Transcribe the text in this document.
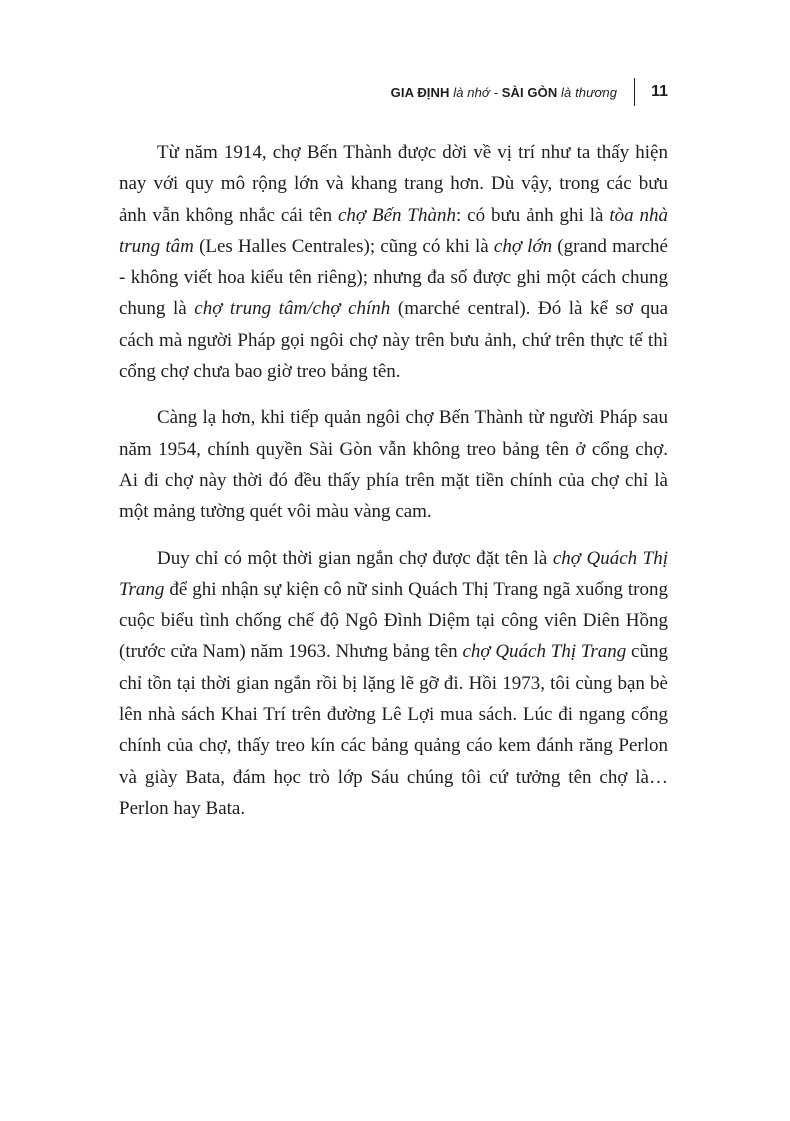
GIA ĐỊNH là nhớ - SÀI GÒN là thương 11

Từ năm 1914, chợ Bến Thành được dời về vị trí như ta thấy hiện nay với quy mô rộng lớn và khang trang hơn. Dù vậy, trong các bưu ảnh vẫn không nhắc cái tên chợ Bến Thành: có bưu ảnh ghi là tòa nhà trung tâm (Les Halles Centrales); cũng có khi là chợ lớn (grand marché - không viết hoa kiểu tên riêng); nhưng đa số được ghi một cách chung chung là chợ trung tâm/chợ chính (marché central). Đó là kể sơ qua cách mà người Pháp gọi ngôi chợ này trên bưu ảnh, chứ trên thực tế thì cổng chợ chưa bao giờ treo bảng tên.

Càng lạ hơn, khi tiếp quản ngôi chợ Bến Thành từ người Pháp sau năm 1954, chính quyền Sài Gòn vẫn không treo bảng tên ở cổng chợ. Ai đi chợ này thời đó đều thấy phía trên mặt tiền chính của chợ chỉ là một mảng tường quét vôi màu vàng cam.

Duy chỉ có một thời gian ngắn chợ được đặt tên là chợ Quách Thị Trang để ghi nhận sự kiện cô nữ sinh Quách Thị Trang ngã xuống trong cuộc biểu tình chống chế độ Ngô Đình Diệm tại công viên Diên Hồng (trước cửa Nam) năm 1963. Nhưng bảng tên chợ Quách Thị Trang cũng chỉ tồn tại thời gian ngắn rồi bị lặng lẽ gỡ đi. Hồi 1973, tôi cùng bạn bè lên nhà sách Khai Trí trên đường Lê Lợi mua sách. Lúc đi ngang cổng chính của chợ, thấy treo kín các bảng quảng cáo kem đánh răng Perlon và giày Bata, đám học trò lớp Sáu chúng tôi cứ tưởng tên chợ là… Perlon hay Bata.
